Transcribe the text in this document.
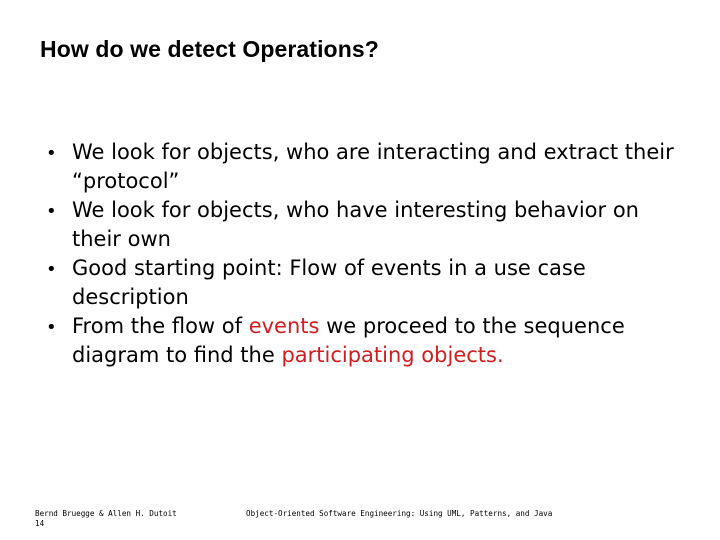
How do we detect Operations?
• We look for objects, who are interacting and extract their “protocol”
• We look for objects, who have interesting behavior on their own
• Good starting point: Flow of events in a use case description
• From the flow of events we proceed to the sequence diagram to find the participating objects.
Bernd Bruegge & Allen H. Dutoit
14
Object-Oriented Software Engineering: Using UML, Patterns, and Java
